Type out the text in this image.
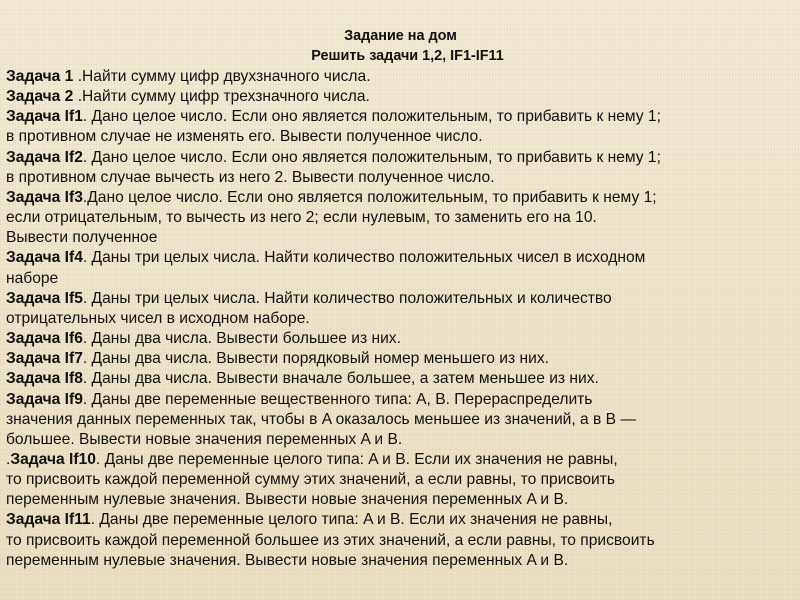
Задание на дом
Решить задачи 1,2, IF1-IF11
Задача 1 .Найти сумму цифр двухзначного числа.
Задача 2 .Найти сумму цифр трехзначного числа.
Задача If1. Дано целое число. Если оно является положительным, то прибавить к нему 1;
в противном случае не изменять его. Вывести полученное число.
Задача If2. Дано целое число. Если оно является положительным, то прибавить к нему 1;
в противном случае вычесть из него 2. Вывести полученное число.
Задача If3.Дано целое число. Если оно является положительным, то прибавить к нему 1;
если отрицательным, то вычесть из него 2; если нулевым, то заменить его на 10.
Вывести полученное
Задача If4. Даны три целых числа. Найти количество положительных чисел в исходном
наборе
Задача If5. Даны три целых числа. Найти количество положительных и количество
отрицательных чисел в исходном наборе.
Задача If6. Даны два числа. Вывести большее из них.
Задача If7. Даны два числа. Вывести порядковый номер меньшего из них.
Задача If8. Даны два числа. Вывести вначале большее, а затем меньшее из них.
Задача If9. Даны две переменные вещественного типа: A, B. Перераспределить
значения данных переменных так, чтобы в A оказалось меньшее из значений, а в B —
большее. Вывести новые значения переменных A и B.
.Задача If10. Даны две переменные целого типа: A и B. Если их значения не равны,
то присвоить каждой переменной сумму этих значений, а если равны, то присвоить
переменным нулевые значения. Вывести новые значения переменных A и B.
Задача If11. Даны две переменные целого типа: A и B. Если их значения не равны,
то присвоить каждой переменной большее из этих значений, а если равны, то присвоить
переменным нулевые значения. Вывести новые значения переменных A и B.
